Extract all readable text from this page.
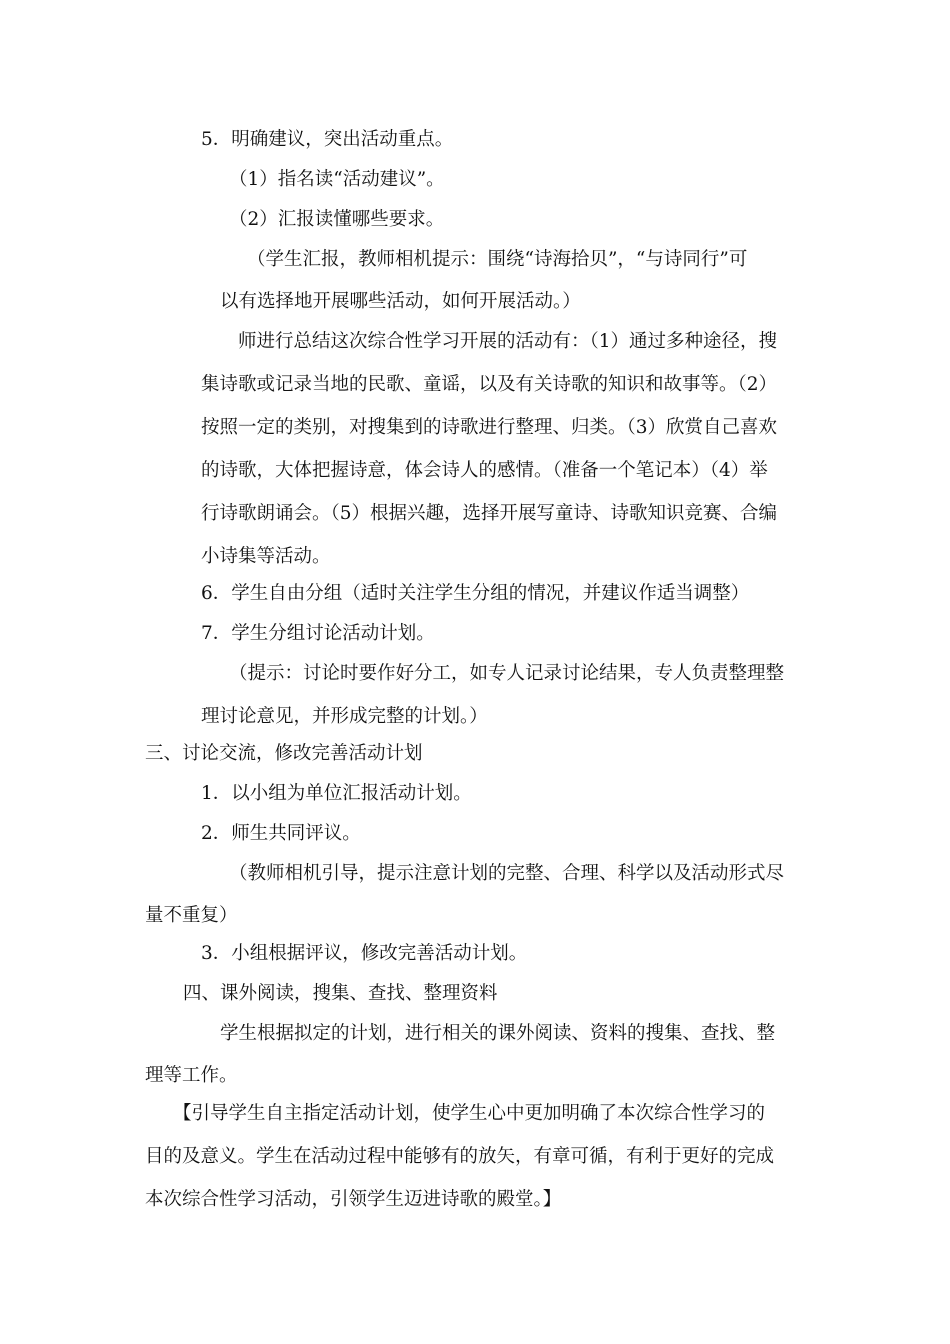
5．明确建议，突出活动重点。

（1）指名读“活动建议”。

（2）汇报读懂哪些要求。

（学生汇报，教师相机提示：围绕“诗海拾贝”，“与诗同行”可

以有选择地开展哪些活动，如何开展活动。）

师进行总结这次综合性学习开展的活动有：（1）通过多种途径，搜

集诗歌或记录当地的民歌、童谣，以及有关诗歌的知识和故事等。（2）

按照一定的类别，对搜集到的诗歌进行整理、归类。（3）欣赏自己喜欢

的诗歌，大体把握诗意，体会诗人的感情。（准备一个笔记本）（4）举

行诗歌朗诵会。（5）根据兴趣，选择开展写童诗、诗歌知识竞赛、合编

小诗集等活动。

6．学生自由分组（适时关注学生分组的情况，并建议作适当调整）

7．学生分组讨论活动计划。

（提示：讨论时要作好分工，如专人记录讨论结果，专人负责整理整

理讨论意见，并形成完整的计划。）

三、讨论交流，修改完善活动计划

1．以小组为单位汇报活动计划。

2．师生共同评议。

（教师相机引导，提示注意计划的完整、合理、科学以及活动形式尽

量不重复）

3．小组根据评议，修改完善活动计划。

四、课外阅读，搜集、查找、整理资料

学生根据拟定的计划，进行相关的课外阅读、资料的搜集、查找、整

理等工作。

【引导学生自主指定活动计划，使学生心中更加明确了本次综合性学习的

目的及意义。学生在活动过程中能够有的放矢，有章可循，有利于更好的完成

本次综合性学习活动，引领学生迈进诗歌的殿堂。】
